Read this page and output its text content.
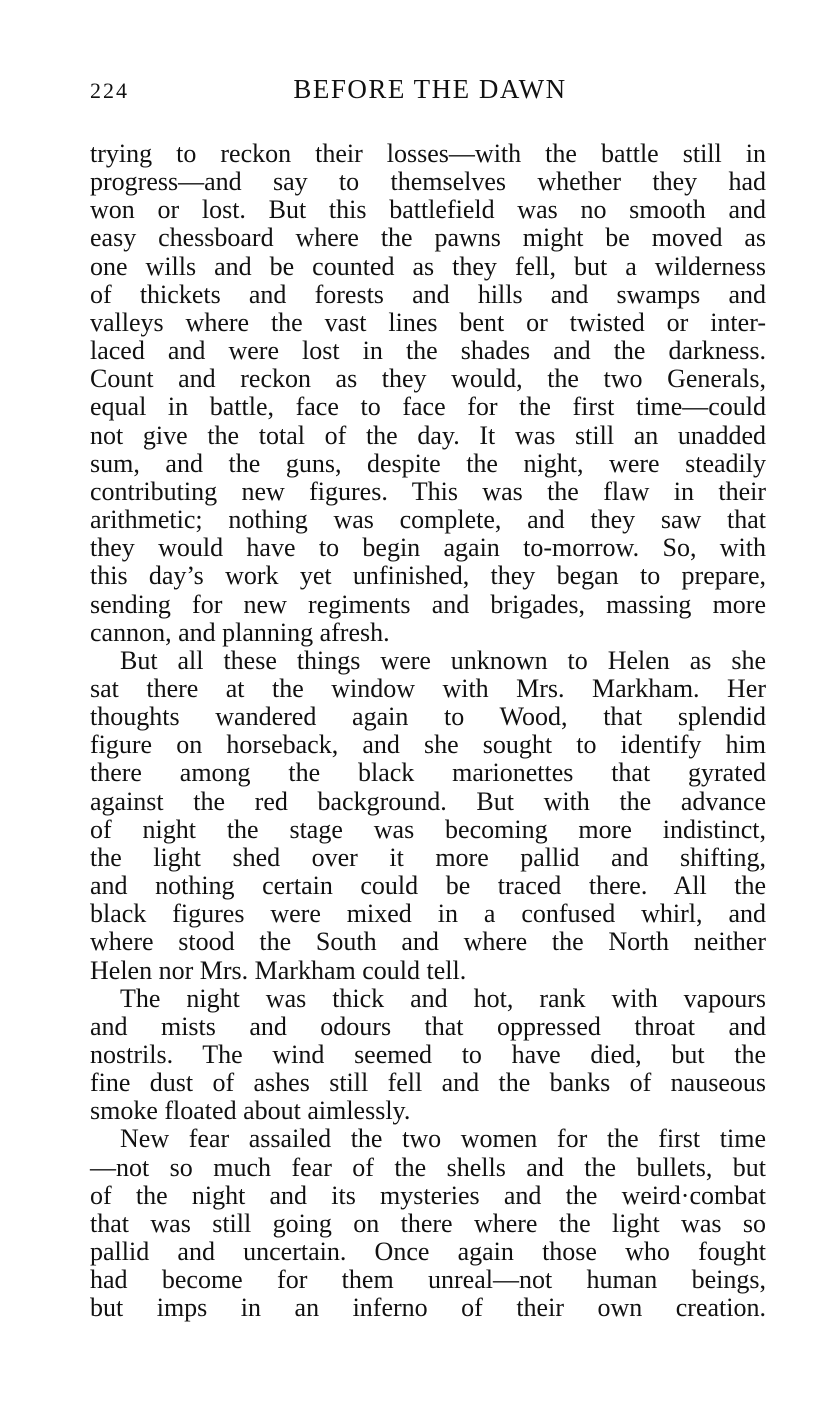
224	BEFORE THE DAWN
trying to reckon their losses—with the battle still in
progress—and say to themselves whether they had
won or lost. But this battlefield was no smooth and
easy chessboard where the pawns might be moved as
one wills and be counted as they fell, but a wilderness
of thickets and forests and hills and swamps and
valleys where the vast lines bent or twisted or inter-
laced and were lost in the shades and the darkness.
Count and reckon as they would, the two Generals,
equal in battle, face to face for the first time—could
not give the total of the day. It was still an unadded
sum, and the guns, despite the night, were steadily
contributing new figures. This was the flaw in their
arithmetic; nothing was complete, and they saw that
they would have to begin again to-morrow. So, with
this day’s work yet unfinished, they began to prepare,
sending for new regiments and brigades, massing more
cannon, and planning afresh.
But all these things were unknown to Helen as she
sat there at the window with Mrs. Markham. Her
thoughts wandered again to Wood, that splendid
figure on horseback, and she sought to identify him
there among the black marionettes that gyrated
against the red background. But with the advance
of night the stage was becoming more indistinct,
the light shed over it more pallid and shifting,
and nothing certain could be traced there. All the
black figures were mixed in a confused whirl, and
where stood the South and where the North neither
Helen nor Mrs. Markham could tell.
The night was thick and hot, rank with vapours
and mists and odours that oppressed throat and
nostrils. The wind seemed to have died, but the
fine dust of ashes still fell and the banks of nauseous
smoke floated about aimlessly.
New fear assailed the two women for the first time
—not so much fear of the shells and the bullets, but
of the night and its mysteries and the weird·combat
that was still going on there where the light was so
pallid and uncertain. Once again those who fought
had become for them unreal—not human beings,
but imps in an inferno of their own creation.
